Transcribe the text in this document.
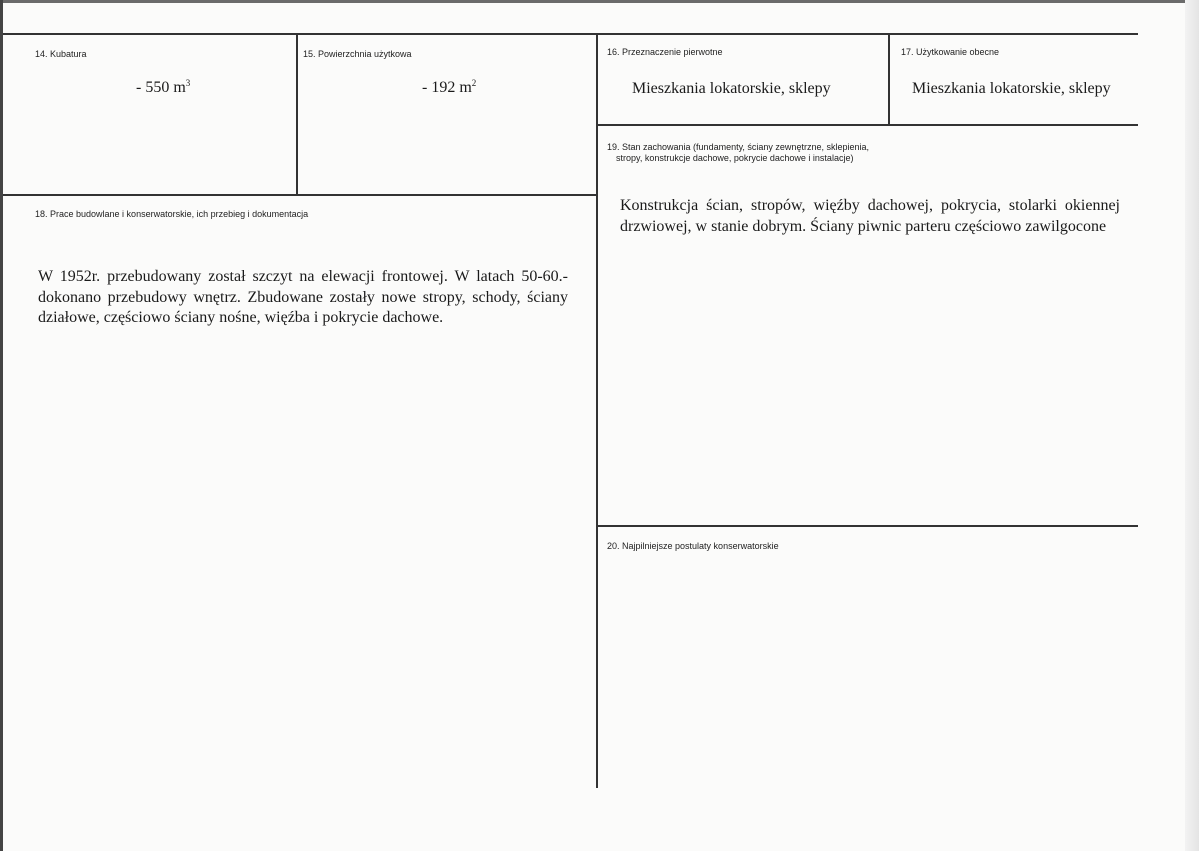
14. Kubatura
- 550 $m^3$
15. Powierzchnia użytkowa
- 192 $m^2$
16. Przeznaczenie pierwotne
Mieszkania lokatorskie, sklepy
17. Użytkowanie obecne
Mieszkania lokatorskie, sklepy
18. Prace budowlane i konserwatorskie, ich przebieg i dokumentacja
W 1952r. przebudowany został szczyt na elewacji frontowej. W latach 50-60.- dokonano przebudowy wnętrz. Zbudowane zostały nowe stropy, schody, ściany działowe, częściowo ściany nośne, więźba i pokrycie dachowe.
19. Stan zachowania (fundamenty, ściany zewnętrzne, sklepienia,
stropy, konstrukcje dachowe, pokrycie dachowe i instalacje)
Konstrukcja ścian, stropów, więźby dachowej, pokrycia, stolarki okiennej drzwiowej, w stanie dobrym. Ściany piwnic parteru częściowo zawilgocone
20. Najpilniejsze postulaty konserwatorskie
